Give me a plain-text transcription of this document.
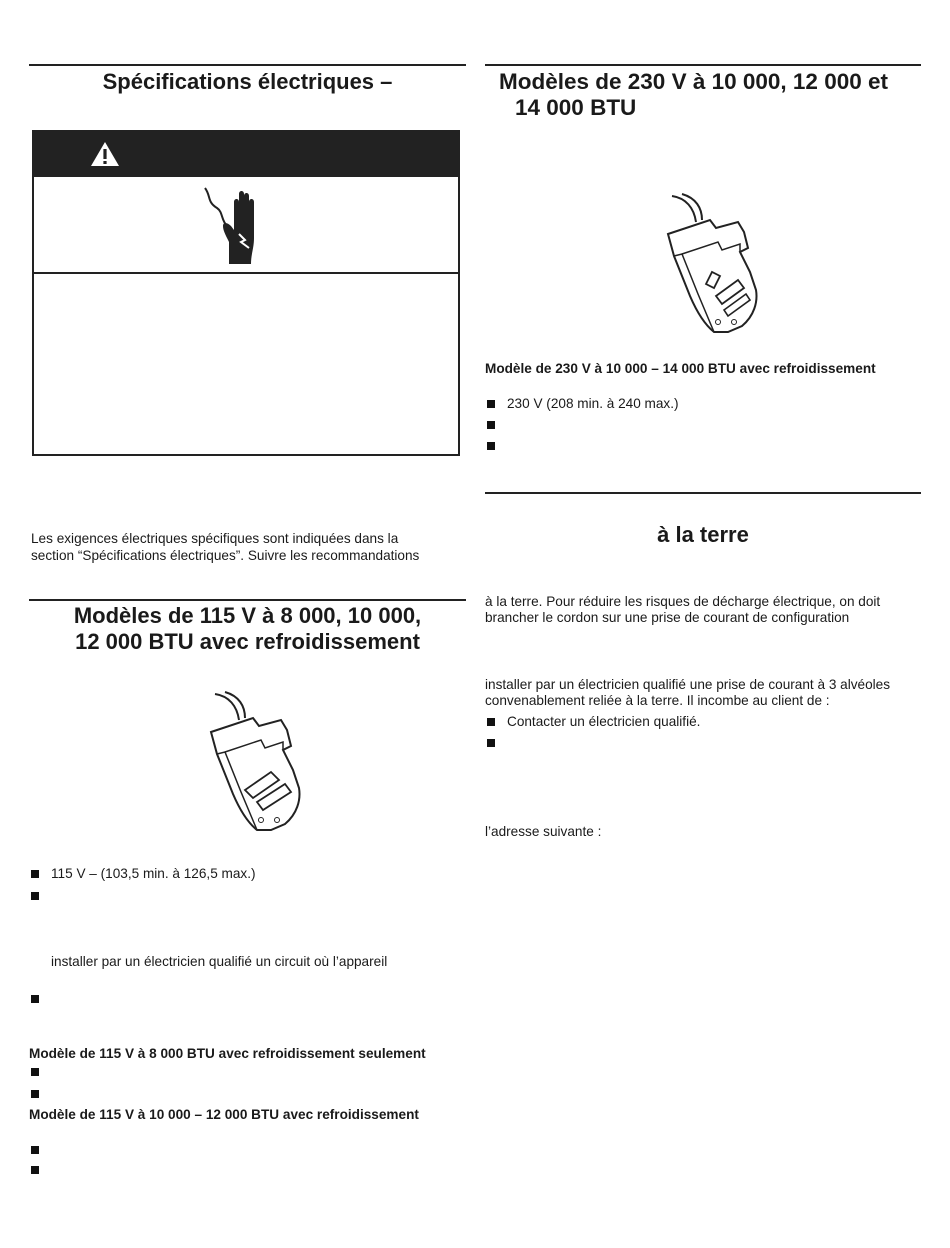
Spécifications électriques –
Les exigences électriques spécifiques sont indiquées dans la
section “Spécifications électriques”. Suivre les recommandations
Modèles de 115 V à 8 000, 10 000,
12 000 BTU avec refroidissement
115 V – (103,5 min. à 126,5 max.)
installer par un électricien qualifié un circuit où l’appareil
Modèle de 115 V à 8 000 BTU avec refroidissement seulement
Modèle de 115 V à 10 000 – 12 000 BTU avec refroidissement
Modèles de 230 V à 10 000, 12 000 et
14 000 BTU
Modèle de 230 V à 10 000 – 14 000 BTU avec refroidissement
230 V (208 min. à 240 max.)
à la terre
à la terre. Pour réduire les risques de décharge électrique, on doit
brancher le cordon sur une prise de courant de configuration
installer par un électricien qualifié une prise de courant à 3 alvéoles
convenablement reliée à la terre. Il incombe au client de :
Contacter un électricien qualifié.
l’adresse suivante :
